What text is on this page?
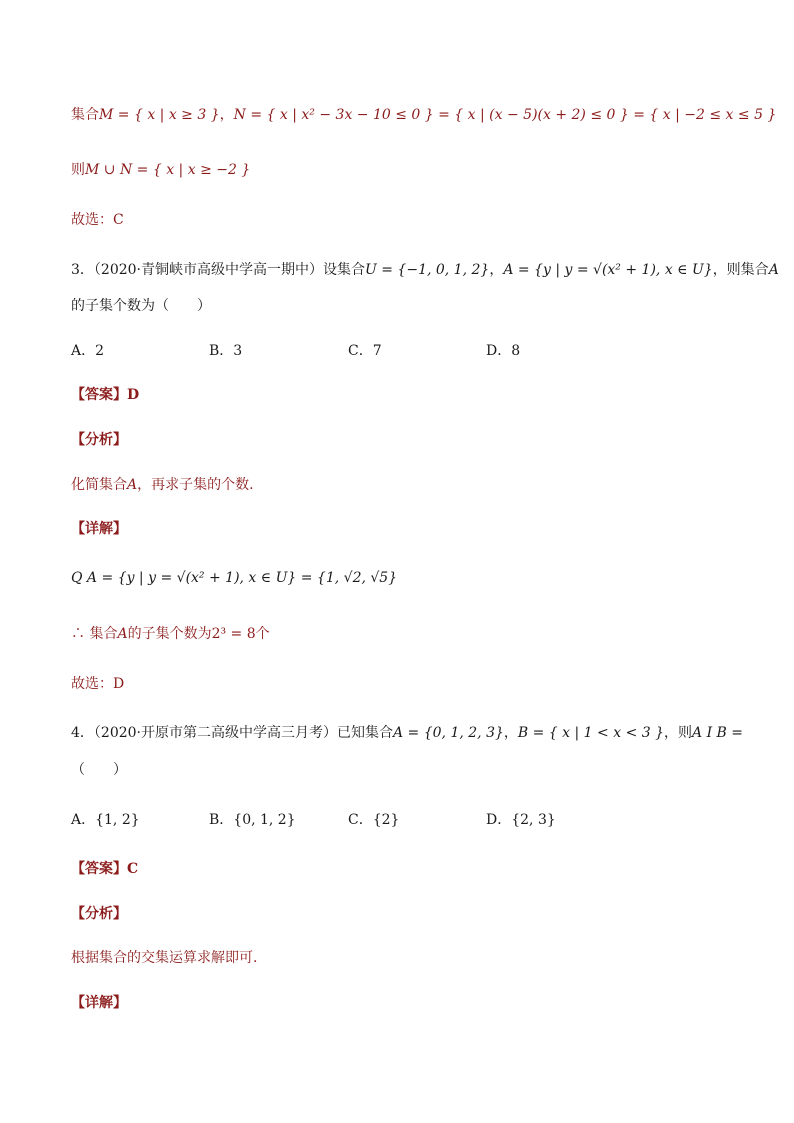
集合M = { x | x ≥ 3 }，N = { x | x² − 3x − 10 ≤ 0 } = { x | (x − 5)(x + 2) ≤ 0 } = { x | −2 ≤ x ≤ 5 }
则M ∪ N = { x | x ≥ −2 }
故选：C
3．（2020·青铜峡市高级中学高一期中）设集合U = {−1, 0, 1, 2}，A = {y | y = √(x² + 1), x ∈ U}，则集合A
的子集个数为（　　）
A．2	B．3	C．7	D．8
【答案】D
【分析】
化简集合A，再求子集的个数.
【详解】
Q A = {y | y = √(x² + 1), x ∈ U} = {1, √2, √5}
∴ 集合A的子集个数为2³ = 8个
故选：D
4．（2020·开原市第二高级中学高三月考）已知集合A = {0, 1, 2, 3}，B = { x | 1 < x < 3 }，则A I B =
（　　）
A．{1, 2}	B．{0, 1, 2}	C．{2}	D．{2, 3}
【答案】C
【分析】
根据集合的交集运算求解即可.
【详解】
